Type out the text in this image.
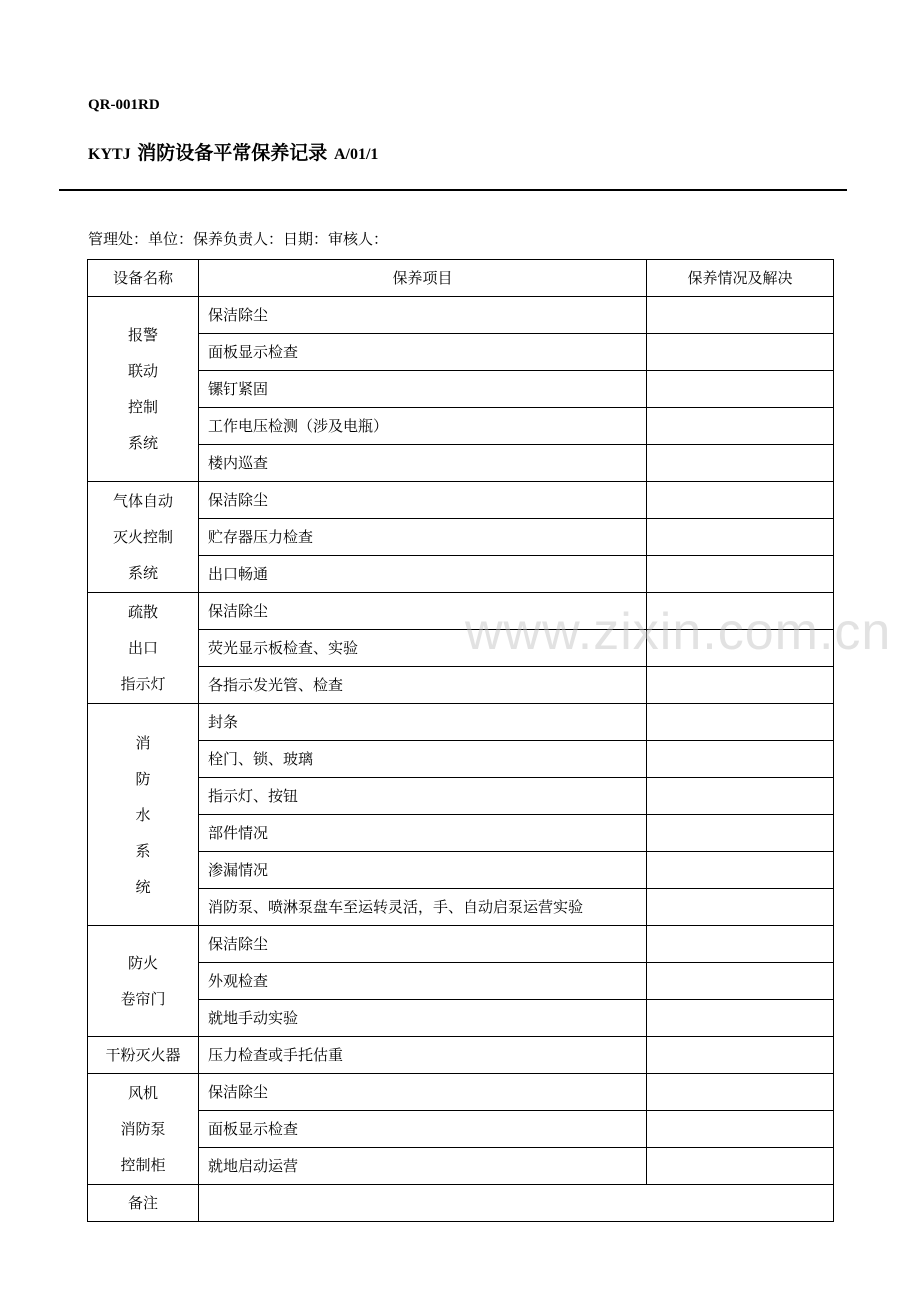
QR-001RD
KYTJ 消防设备平常保养记录 A/01/1
管理处：单位：保养负责人：日期：审核人：
设备名称	保养项目	保养情况及解决

报警
联动
控制
系统	保洁除尘	
	面板显示检查	
	镙钉紧固	
	工作电压检测（涉及电瓶）	
	楼内巡查	

气体自动
灭火控制
系统	保洁除尘	
	贮存器压力检查	
	出口畅通	

疏散
出口
指示灯	保洁除尘	
	荧光显示板检查、实验	
	各指示发光管、检查	

消
防
水
系
统	封条	
	栓门、锁、玻璃	
	指示灯、按钮	
	部件情况	
	渗漏情况	
	消防泵、喷淋泵盘车至运转灵活，手、自动启泵运营实验	

防火
卷帘门	保洁除尘	
	外观检查	
	就地手动实验	

干粉灭火器	压力检查或手托估重	

风机
消防泵
控制柜	保洁除尘	
	面板显示检查	
	就地启动运营	
备注		
www.zixin.com.cn
